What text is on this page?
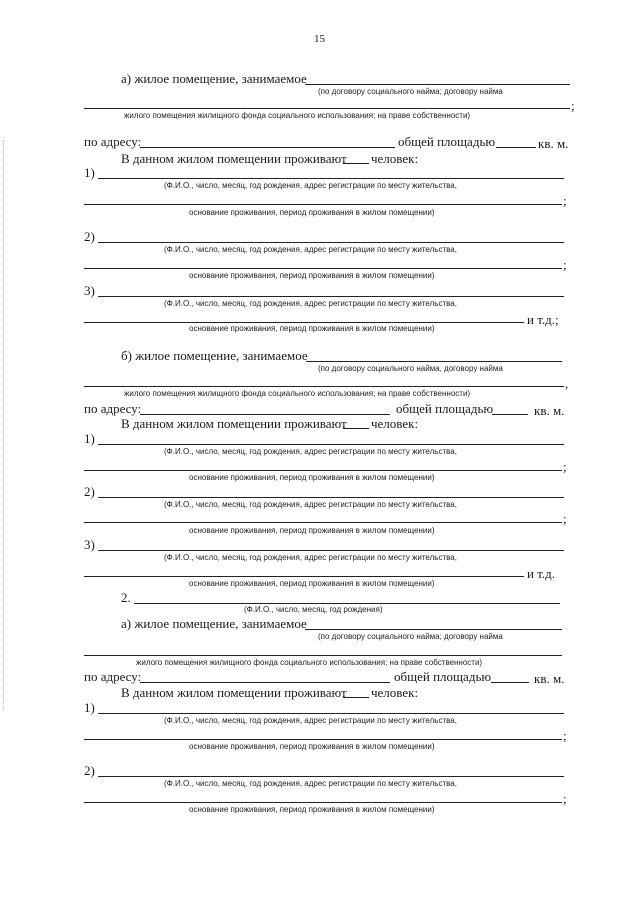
15
а) жилое помещение, занимаемое
(по договору социального найма; договору найма
;
жилого помещения жилищного фонда социального использования; на праве собственности)
по адресу:	общей площадью	кв. м.
В данном жилом помещении проживают человек:
1)
(Ф.И.О., число, месяц, год рождения, адрес регистрации по месту жительства,
;
основание проживания, период проживания в жилом помещении)
2)
(Ф.И.О., число, месяц, год рождения, адрес регистрации по месту жительства,
;
основание проживания, период проживания в жилом помещении)
3)
(Ф.И.О., число, месяц, год рождения, адрес регистрации по месту жительства,
и т.д.;
основание проживания, период проживания в жилом помещении)
б) жилое помещение, занимаемое
(по договору социального найма, договору найма
,
жилого помещения жилищного фонда социального использования; на праве собственности)
по адресу:	общей площадью	кв. м.
В данном жилом помещении проживают человек:
1)
(Ф.И.О., число, месяц, год рождения, адрес регистрации по месту жительства,
;
основание проживания, период проживания в жилом помещении)
2)
(Ф.И.О., число, месяц, год рождения, адрес регистрации по месту жительства,
;
основание проживания, период проживания в жилом помещении)
3)
(Ф.И.О., число, месяц, год рождения, адрес регистрации по месту жительства,
и т.д.
основание проживания, период проживания в жилом помещении)
2.
(Ф.И.О., число, месяц, год рождения)
а) жилое помещение, занимаемое
(по договору социального найма; договору найма
жилого помещения жилищного фонда социального использования; на праве собственности)
по адресу:	общей площадью	кв. м.
В данном жилом помещении проживают человек:
1)
(Ф.И.О., число, месяц, год рождения, адрес регистрации по месту жительства,
;
основание проживания, период проживания в жилом помещении)
2)
(Ф.И.О., число, месяц, год рождения, адрес регистрации по месту жительства,
;
основание проживания, период проживания в жилом помещении)
